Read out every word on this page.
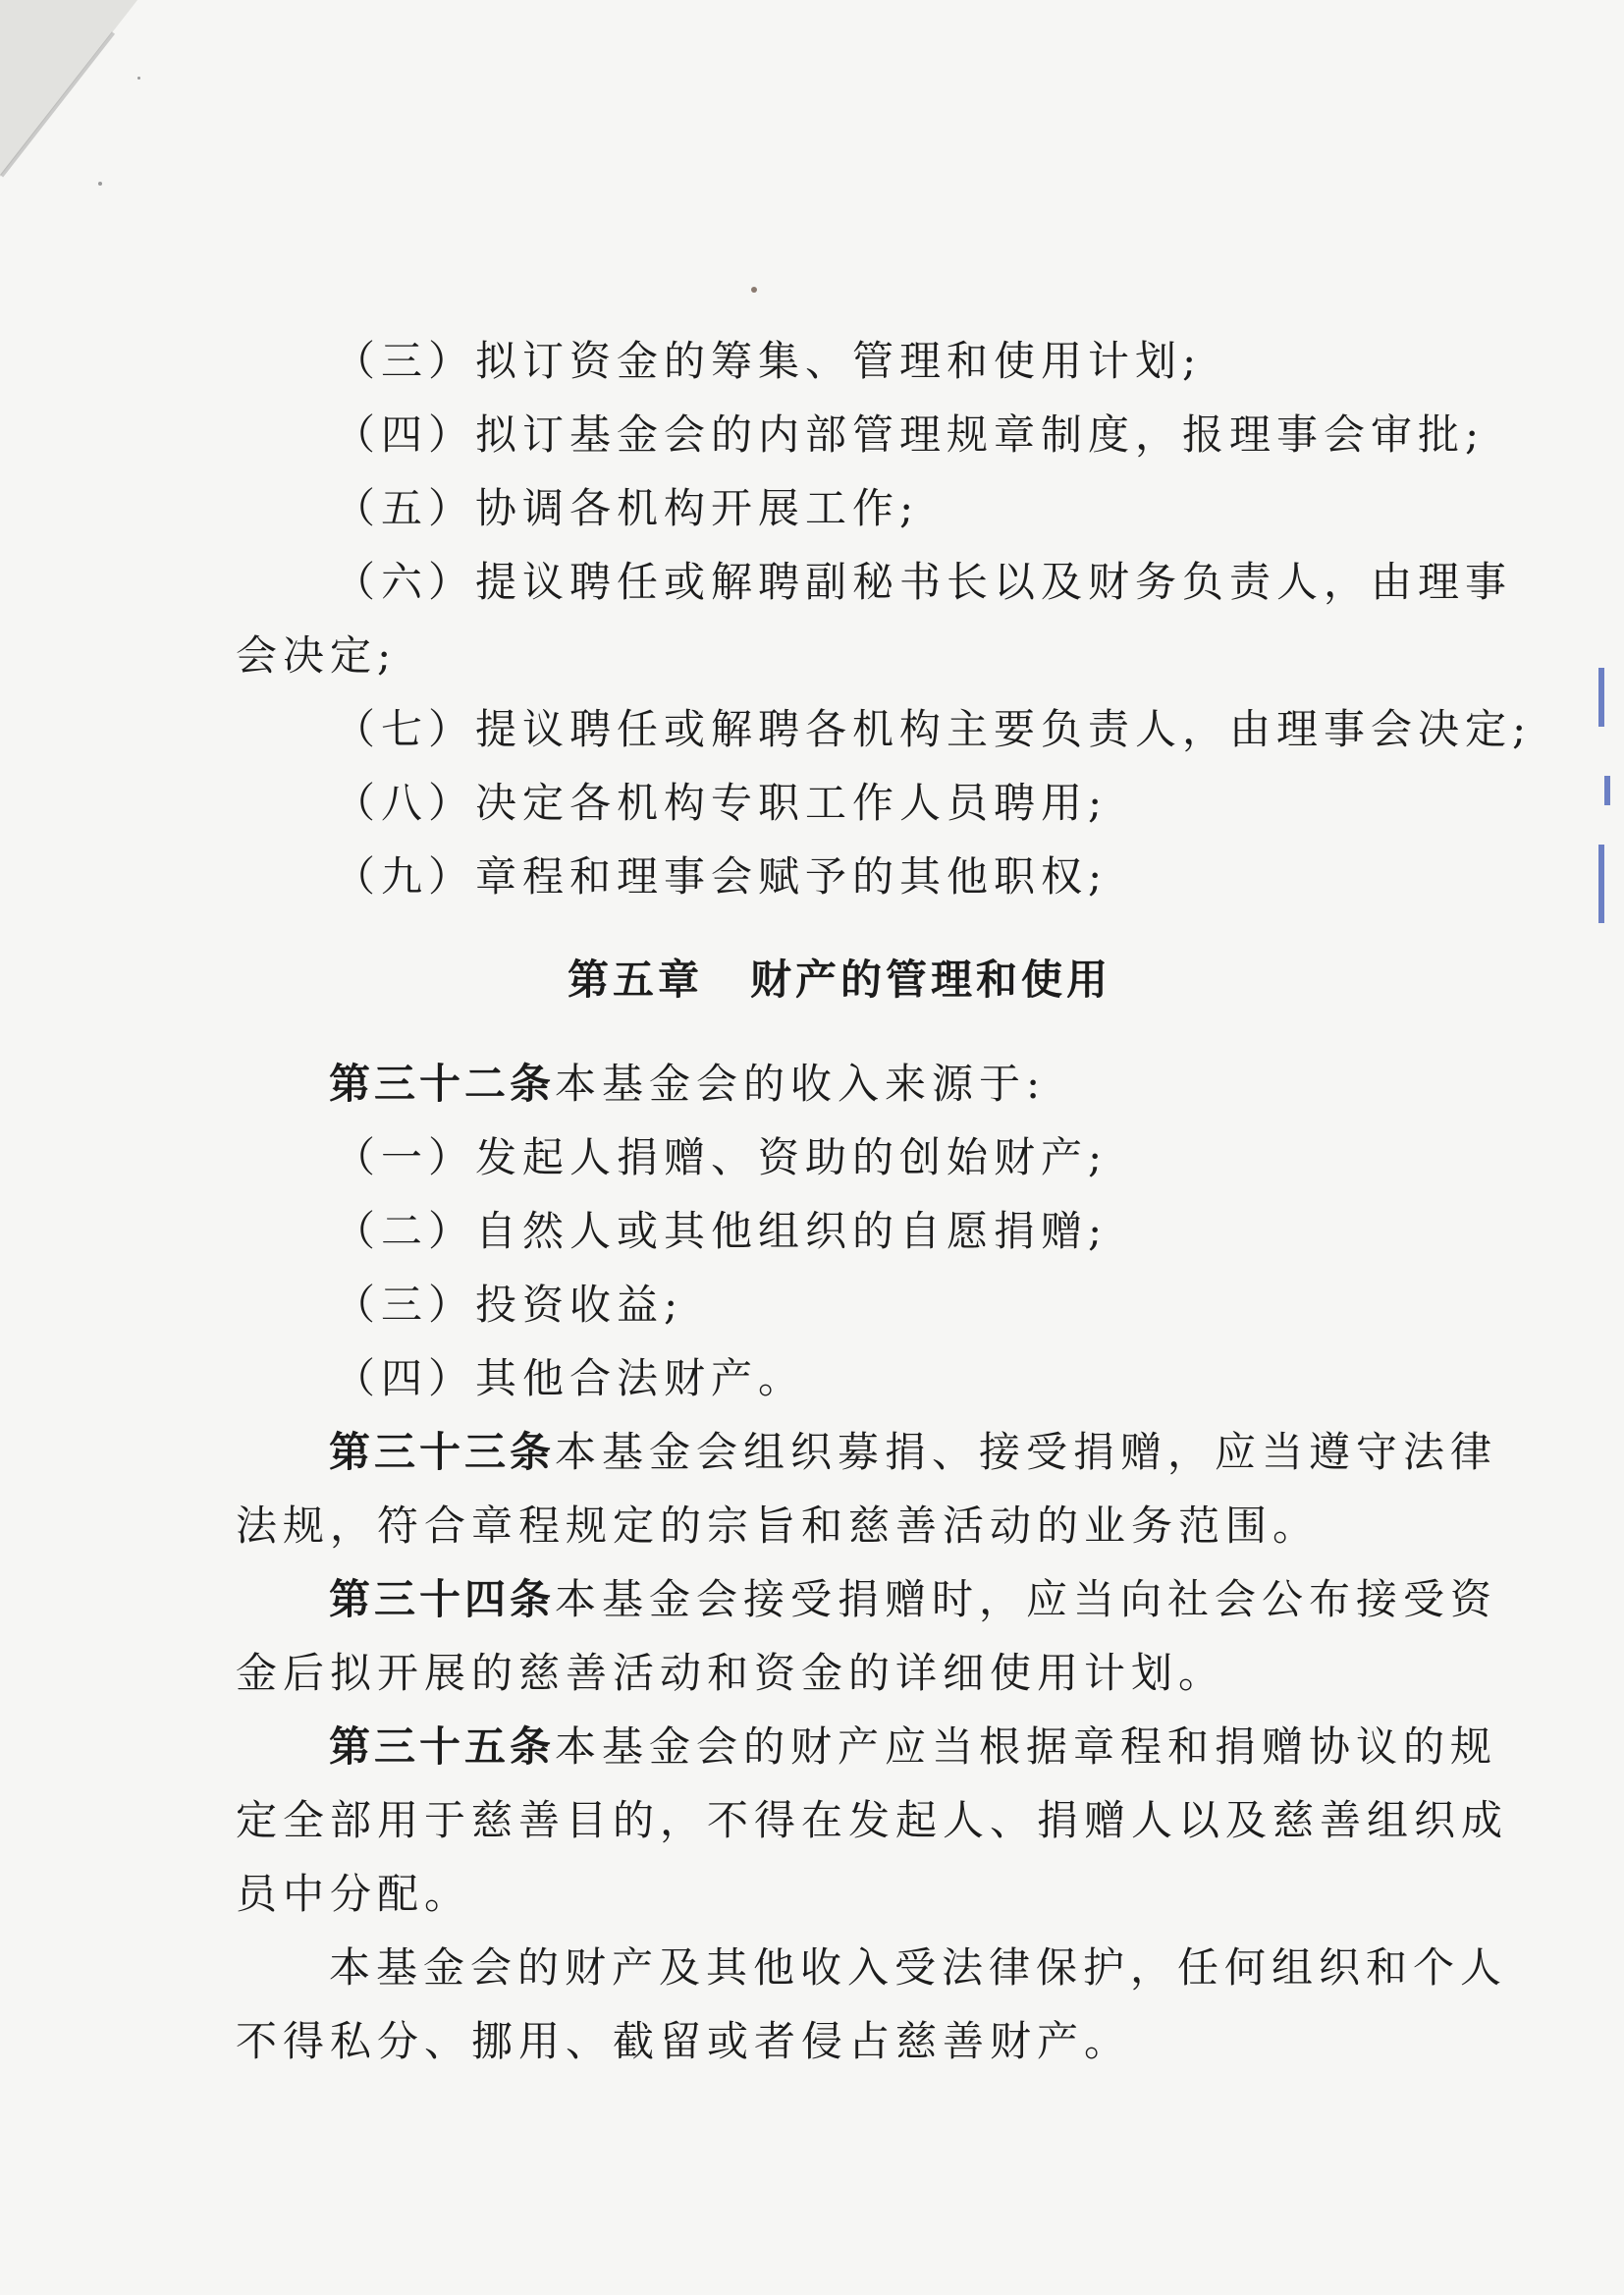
（三）拟订资金的筹集、管理和使用计划;
（四）拟订基金会的内部管理规章制度，报理事会审批;
（五）协调各机构开展工作;
（六）提议聘任或解聘副秘书长以及财务负责人，由理事
会决定;
（七）提议聘任或解聘各机构主要负责人，由理事会决定;
（八）决定各机构专职工作人员聘用;
（九）章程和理事会赋予的其他职权;
第五章 财产的管理和使用
第三十二条本基金会的收入来源于:
（一）发起人捐赠、资助的创始财产;
（二）自然人或其他组织的自愿捐赠;
（三）投资收益;
（四）其他合法财产。
第三十三条本基金会组织募捐、接受捐赠，应当遵守法律
法规，符合章程规定的宗旨和慈善活动的业务范围。
第三十四条本基金会接受捐赠时，应当向社会公布接受资
金后拟开展的慈善活动和资金的详细使用计划。
第三十五条本基金会的财产应当根据章程和捐赠协议的规
定全部用于慈善目的，不得在发起人、捐赠人以及慈善组织成
员中分配。
本基金会的财产及其他收入受法律保护，任何组织和个人
不得私分、挪用、截留或者侵占慈善财产。
